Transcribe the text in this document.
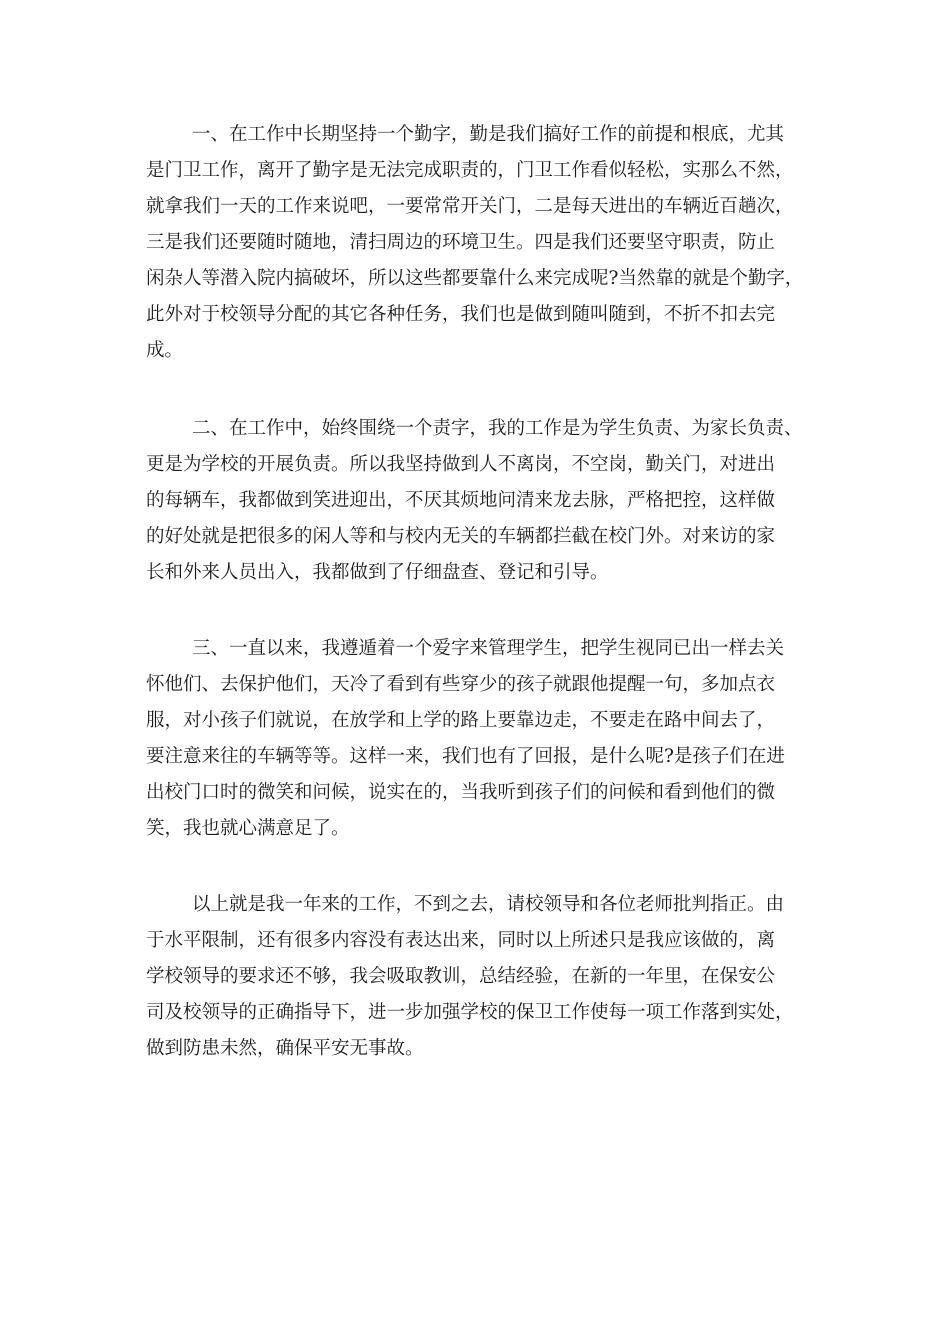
一、在工作中长期坚持一个勤字，勤是我们搞好工作的前提和根底，尤其
是门卫工作，离开了勤字是无法完成职责的，门卫工作看似轻松，实那么不然，
就拿我们一天的工作来说吧，一要常常开关门，二是每天进出的车辆近百趟次，
三是我们还要随时随地，清扫周边的环境卫生。四是我们还要坚守职责，防止
闲杂人等潜入院内搞破坏，所以这些都要靠什么来完成呢?当然靠的就是个勤字，
此外对于校领导分配的其它各种任务，我们也是做到随叫随到，不折不扣去完
成。
二、在工作中，始终围绕一个责字，我的工作是为学生负责、为家长负责、
更是为学校的开展负责。所以我坚持做到人不离岗，不空岗，勤关门，对进出
的每辆车，我都做到笑进迎出，不厌其烦地问清来龙去脉，严格把控，这样做
的好处就是把很多的闲人等和与校内无关的车辆都拦截在校门外。对来访的家
长和外来人员出入，我都做到了仔细盘查、登记和引导。
三、一直以来，我遵遁着一个爱字来管理学生，把学生视同已出一样去关
怀他们、去保护他们，天冷了看到有些穿少的孩子就跟他提醒一句，多加点衣
服，对小孩子们就说，在放学和上学的路上要靠边走，不要走在路中间去了，
要注意来往的车辆等等。这样一来，我们也有了回报，是什么呢?是孩子们在进
出校门口时的微笑和问候，说实在的，当我听到孩子们的问候和看到他们的微
笑，我也就心满意足了。
以上就是我一年来的工作，不到之去，请校领导和各位老师批判指正。由
于水平限制，还有很多内容没有表达出来，同时以上所述只是我应该做的，离
学校领导的要求还不够，我会吸取教训，总结经验，在新的一年里，在保安公
司及校领导的正确指导下，进一步加强学校的保卫工作使每一项工作落到实处，
做到防患未然，确保平安无事故。
